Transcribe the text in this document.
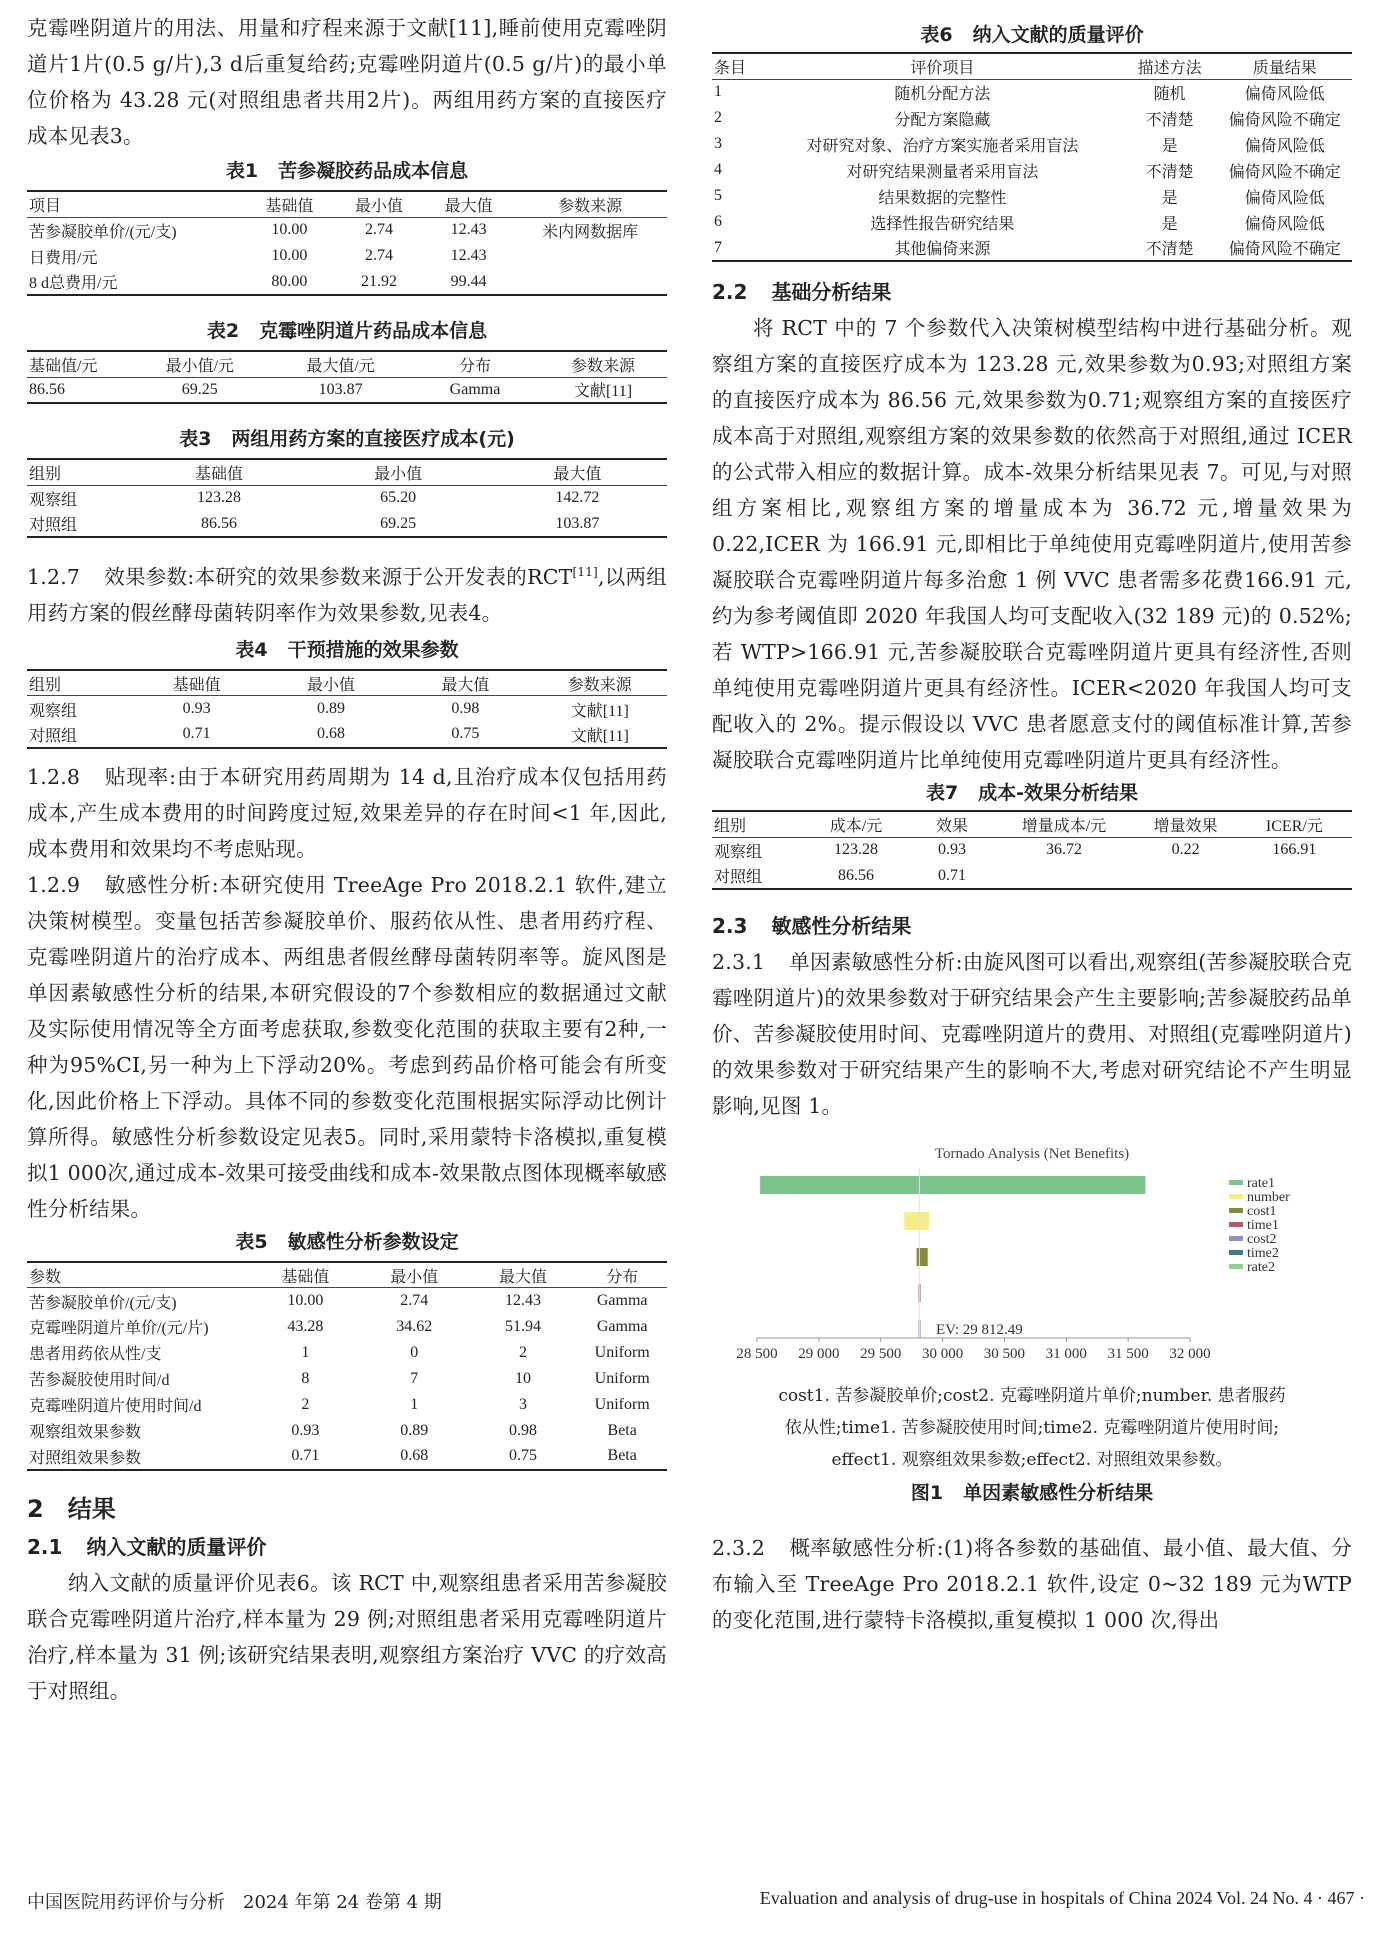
克霉唑阴道片的用法、用量和疗程来源于文献[11],睡前使用克霉唑阴道片1片(0.5 g/片),3 d后重复给药;克霉唑阴道片(0.5 g/片)的最小单位价格为 43.28 元(对照组患者共用2片)。两组用药方案的直接医疗成本见表3。

表1 苦参凝胶药品成本信息
项目	基础值	最小值	最大值	参数来源
苦参凝胶单价/(元/支)	10.00	2.74	12.43	米内网数据库
日费用/元	10.00	2.74	12.43	
8 d总费用/元	80.00	21.92	99.44	
表2 克霉唑阴道片药品成本信息
基础值/元	最小值/元	最大值/元	分布	参数来源
86.56	69.25	103.87	Gamma	文献[11]
表3 两组用药方案的直接医疗成本(元)
组别	基础值	最小值	最大值
观察组	123.28	65.20	142.72
对照组	86.56	69.25	103.87

1.2.7 效果参数:本研究的效果参数来源于公开发表的RCT[11],以两组用药方案的假丝酵母菌转阴率作为效果参数,见表4。

表4 干预措施的效果参数
组别	基础值	最小值	最大值	参数来源
观察组	0.93	0.89	0.98	文献[11]
对照组	0.71	0.68	0.75	文献[11]

1.2.8 贴现率:由于本研究用药周期为 14 d,且治疗成本仅包括用药成本,产生成本费用的时间跨度过短,效果差异的存在时间<1 年,因此,成本费用和效果均不考虑贴现。

1.2.9 敏感性分析:本研究使用 TreeAge Pro 2018.2.1 软件,建立决策树模型。变量包括苦参凝胶单价、服药依从性、患者用药疗程、克霉唑阴道片的治疗成本、两组患者假丝酵母菌转阴率等。旋风图是单因素敏感性分析的结果,本研究假设的7个参数相应的数据通过文献及实际使用情况等全方面考虑获取,参数变化范围的获取主要有2种,一种为95%CI,另一种为上下浮动20%。考虑到药品价格可能会有所变化,因此价格上下浮动。具体不同的参数变化范围根据实际浮动比例计算所得。敏感性分析参数设定见表5。同时,采用蒙特卡洛模拟,重复模拟1 000次,通过成本-效果可接受曲线和成本-效果散点图体现概率敏感性分析结果。

表5 敏感性分析参数设定
参数	基础值	最小值	最大值	分布
苦参凝胶单价/(元/支)	10.00	2.74	12.43	Gamma
克霉唑阴道片单价/(元/片)	43.28	34.62	51.94	Gamma
患者用药依从性/支	1	0	2	Uniform
苦参凝胶使用时间/d	8	7	10	Uniform
克霉唑阴道片使用时间/d	2	1	3	Uniform
观察组效果参数	0.93	0.89	0.98	Beta
对照组效果参数	0.71	0.68	0.75	Beta
2 结果
2.1 纳入文献的质量评价

纳入文献的质量评价见表6。该 RCT 中,观察组患者采用苦参凝胶联合克霉唑阴道片治疗,样本量为 29 例;对照组患者采用克霉唑阴道片治疗,样本量为 31 例;该研究结果表明,观察组方案治疗 VVC 的疗效高于对照组。

表6 纳入文献的质量评价
条目	评价项目	描述方法	质量结果
1	随机分配方法	随机	偏倚风险低
2	分配方案隐藏	不清楚	偏倚风险不确定
3	对研究对象、治疗方案实施者采用盲法	是	偏倚风险低
4	对研究结果测量者采用盲法	不清楚	偏倚风险不确定
5	结果数据的完整性	是	偏倚风险低
6	选择性报告研究结果	是	偏倚风险低
7	其他偏倚来源	不清楚	偏倚风险不确定
2.2 基础分析结果

将 RCT 中的 7 个参数代入决策树模型结构中进行基础分析。观察组方案的直接医疗成本为 123.28 元,效果参数为0.93;对照组方案的直接医疗成本为 86.56 元,效果参数为0.71;观察组方案的直接医疗成本高于对照组,观察组方案的效果参数的依然高于对照组,通过 ICER 的公式带入相应的数据计算。成本-效果分析结果见表 7。可见,与对照组方案相比,观察组方案的增量成本为 36.72 元,增量效果为 0.22,ICER 为 166.91 元,即相比于单纯使用克霉唑阴道片,使用苦参凝胶联合克霉唑阴道片每多治愈 1 例 VVC 患者需多花费166.91 元,约为参考阈值即 2020 年我国人均可支配收入(32 189 元)的 0.52%;若 WTP>166.91 元,苦参凝胶联合克霉唑阴道片更具有经济性,否则单纯使用克霉唑阴道片更具有经济性。ICER<2020 年我国人均可支配收入的 2%。提示假设以 VVC 患者愿意支付的阈值标准计算,苦参凝胶联合克霉唑阴道片比单纯使用克霉唑阴道片更具有经济性。

表7 成本-效果分析结果
组别	成本/元	效果	增量成本/元	增量效果	ICER/元
观察组	123.28	0.93	36.72	0.22	166.91
对照组	86.56	0.71			
2.3 敏感性分析结果

2.3.1 单因素敏感性分析:由旋风图可以看出,观察组(苦参凝胶联合克霉唑阴道片)的效果参数对于研究结果会产生主要影响;苦参凝胶药品单价、苦参凝胶使用时间、克霉唑阴道片的费用、对照组(克霉唑阴道片)的效果参数对于研究结果产生的影响不大,考虑对研究结论不产生明显影响,见图 1。

Tornado Analysis (Net Benefits)
EV: 29 812.49
28 500 29 000 29 500 30 000 30 500 31 000 31 500 32 000
rate1
number
cost1
time1
cost2
time2
rate2
cost1. 苦参凝胶单价;cost2. 克霉唑阴道片单价;number. 患者服药
依从性;time1. 苦参凝胶使用时间;time2. 克霉唑阴道片使用时间;
effect1. 观察组效果参数;effect2. 对照组效果参数。
图1 单因素敏感性分析结果

2.3.2 概率敏感性分析:(1)将各参数的基础值、最小值、最大值、分布输入至 TreeAge Pro 2018.2.1 软件,设定 0~32 189 元为WTP 的变化范围,进行蒙特卡洛模拟,重复模拟 1 000 次,得出

中国医院用药评价与分析　2024 年第 24 卷第 4 期	Evaluation and analysis of drug-use in hospitals of China 2024 Vol. 24 No. 4 · 467 ·
